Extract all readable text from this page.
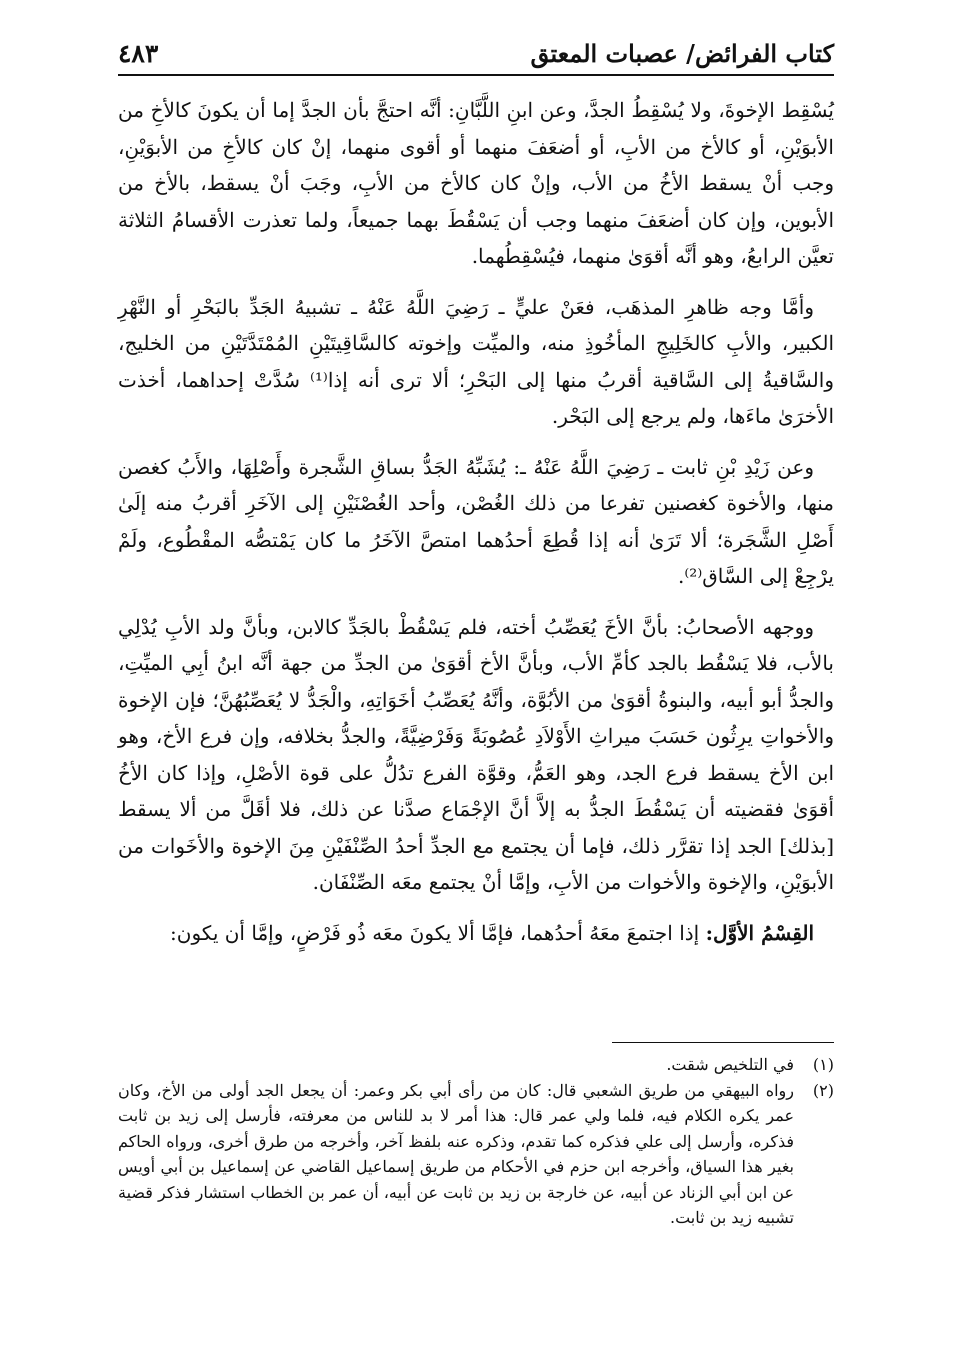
كتاب الفرائض/ عصبات المعتق
٤٨٣

يُسْقِط الإخوةَ، ولا يُسْقِطُ الجدَّ، وعن ابنِ اللَّبَّانِ: أنَّه احتجَّ بأن الجدَّ إما أن يكونَ كالأخِ من الأبوَيْنِ، أو كالأخ من الأبِ، أو أضعَفَ منهما أو أقوى منهما، إنْ كان كالأخِ من الأبوَيْنِ، وجب أنْ يسقط الأخُ من الأب، وإنْ كان كالأخ من الأبِ، وجَبَ أنْ يسقط، بالأخ من الأبوين، وإن كان أضعَفَ منهما وجب أن يَسْقُطَ بهما جميعاً، ولما تعذرت الأقسامُ الثلاثة تعيَّن الرابعُ، وهو أنَّه أقوَىٰ منهما، فيُسْقِطُهما.

وأمَّا وجه ظاهرِ المذهَب، فعَنْ عليٍّ ـ رَضِيَ اللَّهُ عَنْهُ ـ تشبيهُ الجَدِّ بالبَحْرِ أو النَّهْرِ الكبير، والأبِ كالخَلِيجِ المأخُوذِ منه، والميِّت وإخوته كالسَّاقِيتَيْنِ المُمْتَدَّتَيْنِ من الخليج، والسَّاقيةُ إلى السَّاقية أقربُ منها إلى البَحْرِ؛ ألا ترى أنه إذا⁽¹⁾ سُدَّتْ إحداهما، أخذت الأخرَىٰ ماءَها، ولم يرجع إلى البَحْر.

وعن زَيْدِ بْنِ ثابت ـ رَضِيَ اللَّهُ عَنْهُ ـ: يُشَبِّهُ الجَدُّ بساقِ الشَّجرة وأَصْلِهَا، والأَبُ كغصن منها، والأخوة كغصنين تفرعا من ذلك الغُصْن، وأحد الغُصْنَيْنِ إلى الآخَرِ أقربُ منه إلَىٰ أَصْلِ الشَّجَرة؛ ألا تَرَىٰ أنه إذا قُطِعَ أحدُهما امتصَّ الآخَرُ ما كان يَمْتصُّه المقْطُوع، ولَمْ يرْجِعْ إلى السَّاق⁽²⁾.

ووجهه الأصحابُ: بأنَّ الأخَ يُعَصِّبُ أخته، فلم يَسْقُطْ بالجَدِّ كالابن، وبأنَّ ولد الأبِ يُدْلِي بالأب، فلا يَسْقُط بالجد كأمِّ الأب، وبأنَّ الأخ أقوَىٰ من الجدِّ من جهة أنَّه ابنُ أبِي الميِّتِ، والجدُّ أبو أبيه، والبنوةُ أقوَىٰ من الأبُوَّة، وأنَّهُ يُعَصِّبُ أخَوَاتِهِ، والْجَدُّ لا يُعَصِّبُهُنَّ؛ فإن الإخوة والأخواتِ يرِثُون حَسَبَ ميراثِ الأَوْلاَدِ عُصُوبَةً وَفَرْضِيَّةً، والجدُّ بخلافه، وإن فرع الأخ، وهو ابن الأخ يسقط فرع الجد، وهو العَمُّ، وقوَّة الفرع تدُلُّ على قوة الأصْلِ، وإذا كان الأخُ أقوَىٰ فقضيته أن يَسْقُطَ الجدُّ به إلاَّ أنَّ الإجْمَاع صدَّنا عن ذلك، فلا أقَلَّ من ألا يسقط [بذلك] الجد إذا تقرَّر ذلك، فإما أن يجتمع مع الجدِّ أحدُ الصِّنْفَيْنِ مِنَ الإخوة والأخَوات من الأبوَيْنِ، والإخوة والأخوات من الأبِ، وإمَّا أنْ يجتمع معَه الصِّنْفَان.

القِسْمُ الأوَّل: إذا اجتمعَ معَهُ أحدُهما، فإمَّا ألا يكونَ معَه ذُو فَرْضٍ، وإمَّا أن يكون:

(١)
في التلخيص شقت.

(٢)
رواه البيهقي من طريق الشعبي قال: كان من رأى أبي بكر وعمر: أن يجعل الجد أولى من الأخ، وكان عمر يكره الكلام فيه، فلما ولي عمر قال: هذا أمر لا بد للناس من معرفته، فأرسل إلى زيد بن ثابت فذكره، وأرسل إلى علي فذكره كما تقدم، وذكره عنه بلفظ آخر، وأخرجه من طرق أخرى، ورواه الحاكم بغير هذا السياق، وأخرجه ابن حزم في الأحكام من طريق إسماعيل القاضي عن إسماعيل بن أبي أويس عن ابن أبي الزناد عن أبيه، عن خارجة بن زيد بن ثابت عن أبيه، أن عمر بن الخطاب استشار فذكر قضية تشبيه زيد بن ثابت.
